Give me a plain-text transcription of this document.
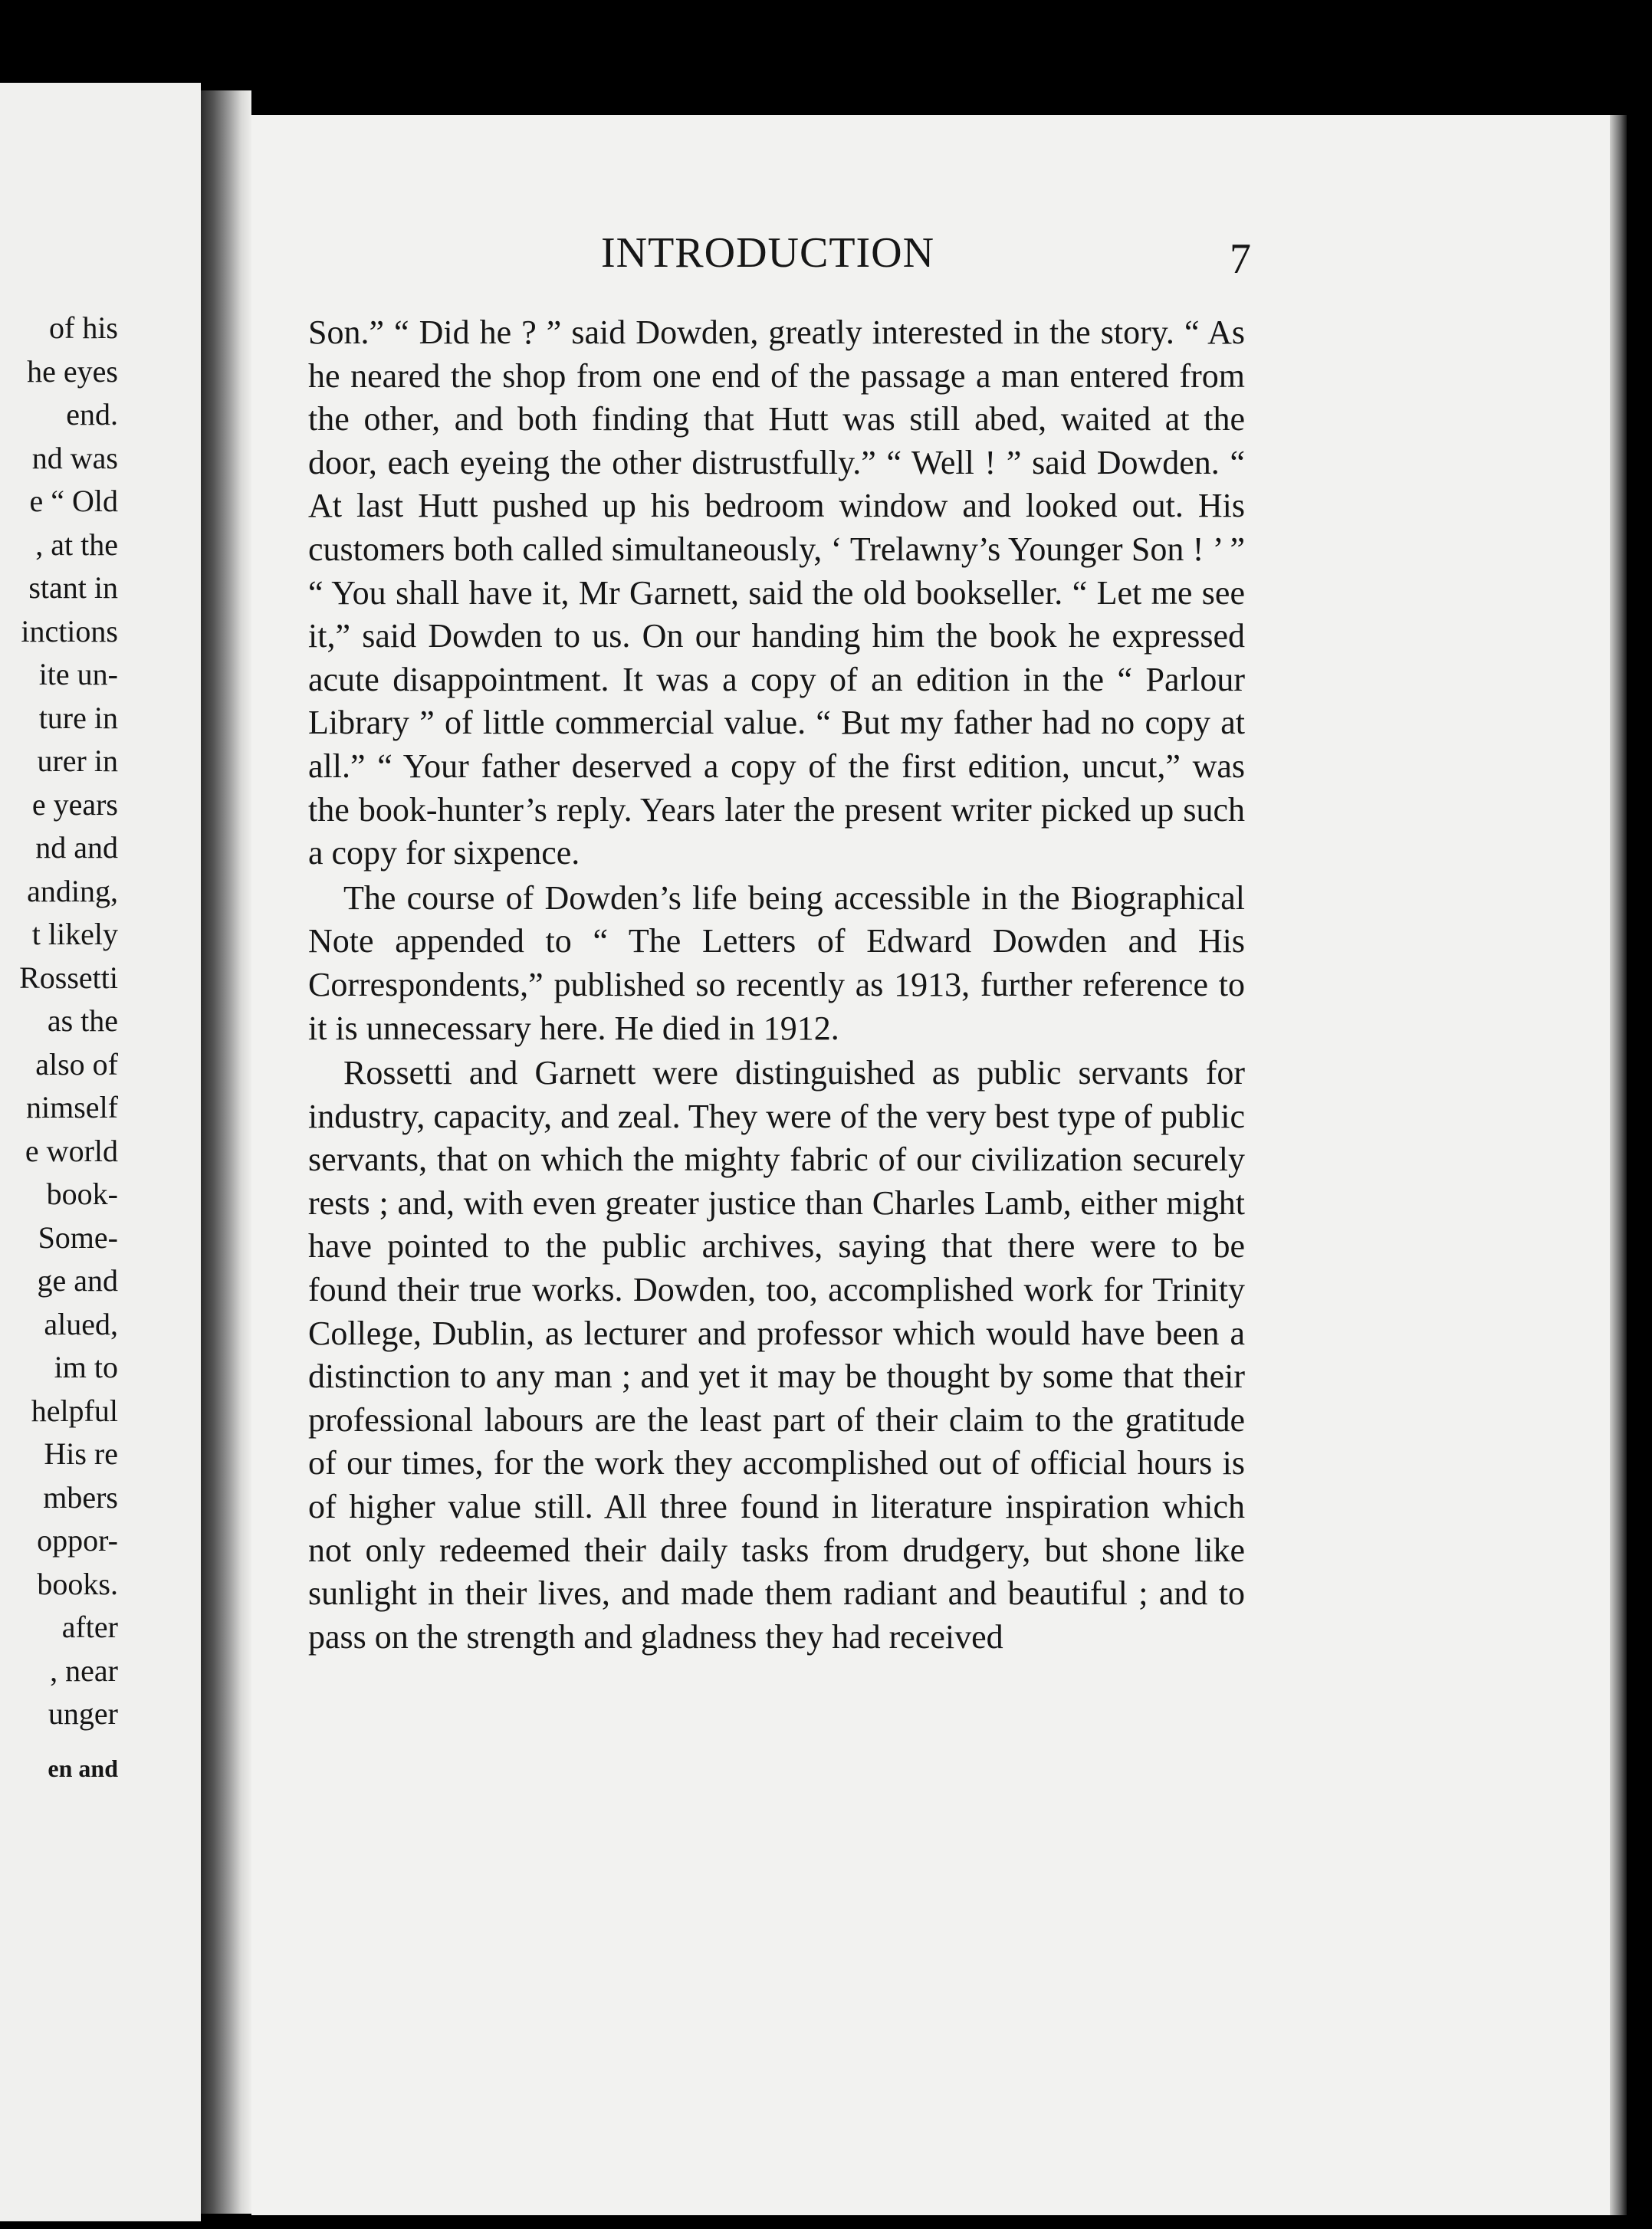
of his
he eyes
end.
nd was
e “ Old
, at the
stant in
inctions
ite un-
ture in
urer in
e years
nd and
anding,
t likely
Rossetti
as the
also of
nimself
e world
book-
Some-
ge and
alued,
im to
helpful
His re
mbers
oppor-
books.
after
, near
unger
en and
INTRODUCTION	7

Son.” “ Did he ? ” said Dowden, greatly interested in the story. “ As he neared the shop from one end of the passage a man entered from the other, and both finding that Hutt was still abed, waited at the door, each eyeing the other distrustfully.” “ Well ! ” said Dowden. “ At last Hutt pushed up his bedroom window and looked out. His customers both called simultaneously, ‘ Trelawny’s Younger Son ! ’ ” “ You shall have it, Mr Garnett, said the old bookseller. “ Let me see it,” said Dowden to us. On our handing him the book he expressed acute disappointment. It was a copy of an edition in the “ Parlour Library ” of little commercial value. “ But my father had no copy at all.” “ Your father deserved a copy of the first edition, uncut,” was the book-hunter’s reply. Years later the present writer picked up such a copy for sixpence.

The course of Dowden’s life being accessible in the Biographical Note appended to “ The Letters of Edward Dowden and His Correspondents,” published so recently as 1913, further reference to it is unnecessary here. He died in 1912.

Rossetti and Garnett were distinguished as public servants for industry, capacity, and zeal. They were of the very best type of public servants, that on which the mighty fabric of our civilization securely rests ; and, with even greater justice than Charles Lamb, either might have pointed to the public archives, saying that there were to be found their true works. Dowden, too, accomplished work for Trinity College, Dublin, as lecturer and professor which would have been a distinction to any man ; and yet it may be thought by some that their professional labours are the least part of their claim to the gratitude of our times, for the work they accomplished out of official hours is of higher value still. All three found in literature inspiration which not only redeemed their daily tasks from drudgery, but shone like sunlight in their lives, and made them radiant and beautiful ; and to pass on the strength and gladness they had received
